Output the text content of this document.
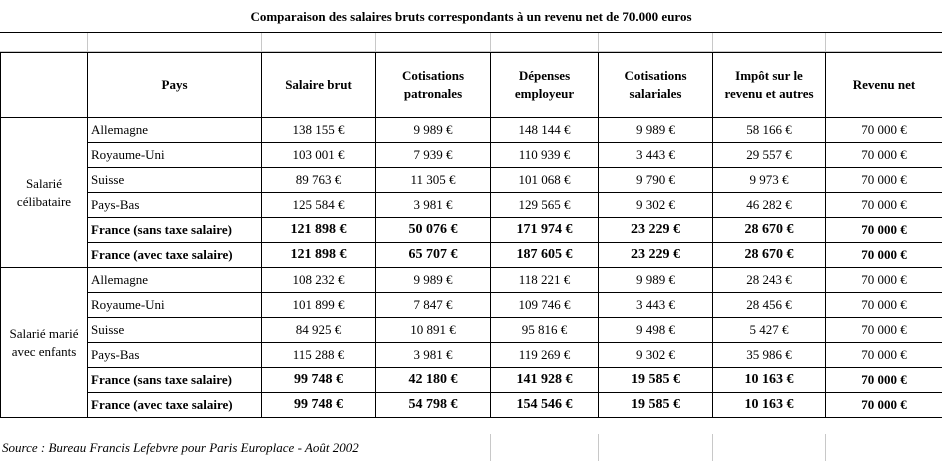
Comparaison des salaires bruts correspondants à un revenu net de 70.000 euros
	Pays	Salaire brut	Cotisations patronales	Dépenses employeur	Cotisations salariales	Impôt sur le revenu et autres	Revenu net
Salarié célibataire	Allemagne	138 155 €	9 989 €	148 144 €	9 989 €	58 166 €	70 000 €
	Royaume-Uni	103 001 €	7 939 €	110 939 €	3 443 €	29 557 €	70 000 €
	Suisse	89 763 €	11 305 €	101 068 €	9 790 €	9 973 €	70 000 €
	Pays-Bas	125 584 €	3 981 €	129 565 €	9 302 €	46 282 €	70 000 €
	France (sans taxe salaire)	121 898 €	50 076 €	171 974 €	23 229 €	28 670 €	70 000 €
	France (avec taxe salaire)	121 898 €	65 707 €	187 605 €	23 229 €	28 670 €	70 000 €
Salarié marié avec enfants	Allemagne	108 232 €	9 989 €	118 221 €	9 989 €	28 243 €	70 000 €
	Royaume-Uni	101 899 €	7 847 €	109 746 €	3 443 €	28 456 €	70 000 €
	Suisse	84 925 €	10 891 €	95 816 €	9 498 €	5 427 €	70 000 €
	Pays-Bas	115 288 €	3 981 €	119 269 €	9 302 €	35 986 €	70 000 €
	France (sans taxe salaire)	99 748 €	42 180 €	141 928 €	19 585 €	10 163 €	70 000 €
	France (avec taxe salaire)	99 748 €	54 798 €	154 546 €	19 585 €	10 163 €	70 000 €
Source : Bureau Francis Lefebvre pour Paris Europlace - Août 2002
